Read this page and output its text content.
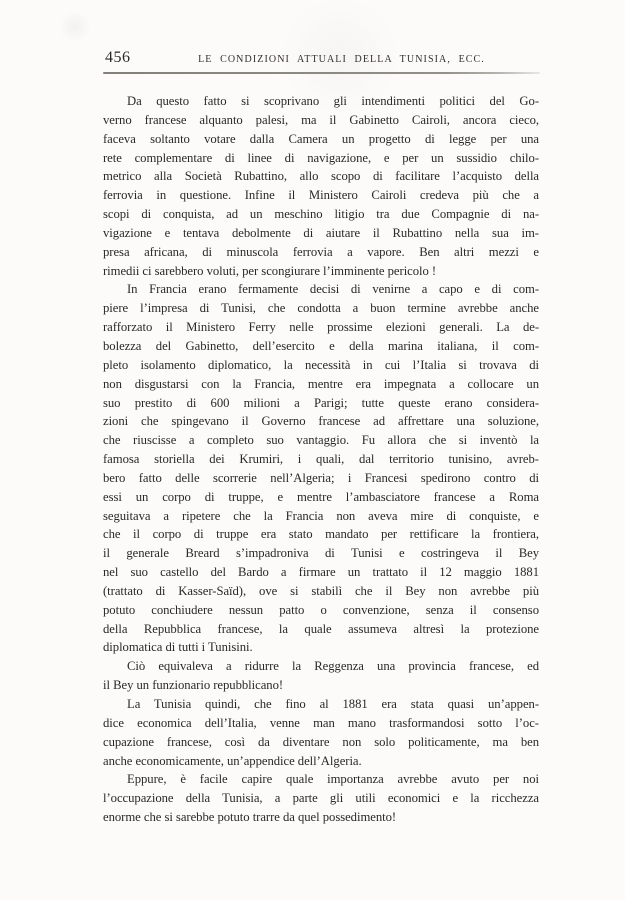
456	LE CONDIZIONI ATTUALI DELLA TUNISIA, ECC.

Da questo fatto si scoprivano gli intendimenti politici del Go-
verno francese alquanto palesi, ma il Gabinetto Cairoli, ancora cieco,
faceva soltanto votare dalla Camera un progetto di legge per una
rete complementare di linee di navigazione, e per un sussidio chilo-
metrico alla Società Rubattino, allo scopo di facilitare l’acquisto della
ferrovia in questione. Infine il Ministero Cairoli credeva più che a
scopi di conquista, ad un meschino litigio tra due Compagnie di na-
vigazione e tentava debolmente di aiutare il Rubattino nella sua im-
presa africana, di minuscola ferrovia a vapore. Ben altri mezzi e
rimedii ci sarebbero voluti, per scongiurare l’imminente pericolo !

In Francia erano fermamente decisi di venirne a capo e di com-
piere l’impresa di Tunisi, che condotta a buon termine avrebbe anche
rafforzato il Ministero Ferry nelle prossime elezioni generali. La de-
bolezza del Gabinetto, dell’esercito e della marina italiana, il com-
pleto isolamento diplomatico, la necessità in cui l’Italia si trovava di
non disgustarsi con la Francia, mentre era impegnata a collocare un
suo prestito di 600 milioni a Parigi; tutte queste erano considera-
zioni che spingevano il Governo francese ad affrettare una soluzione,
che riuscisse a completo suo vantaggio. Fu allora che si inventò la
famosa storiella dei Krumiri, i quali, dal territorio tunisino, avreb-
bero fatto delle scorrerie nell’Algeria; i Francesi spedirono contro di
essi un corpo di truppe, e mentre l’ambasciatore francese a Roma
seguitava a ripetere che la Francia non aveva mire di conquiste, e
che il corpo di truppe era stato mandato per rettificare la frontiera,
il generale Breard s’impadroniva di Tunisi e costringeva il Bey
nel suo castello del Bardo a firmare un trattato il 12 maggio 1881
(trattato di Kasser-Saïd), ove si stabilì che il Bey non avrebbe più
potuto conchiudere nessun patto o convenzione, senza il consenso
della Repubblica francese, la quale assumeva altresì la protezione
diplomatica di tutti i Tunisini.

Ciò equivaleva a ridurre la Reggenza una provincia francese, ed
il Bey un funzionario repubblicano!

La Tunisia quindi, che fino al 1881 era stata quasi un’appen-
dice economica dell’Italia, venne man mano trasformandosi sotto l’oc-
cupazione francese, così da diventare non solo politicamente, ma ben
anche economicamente, un’appendice dell’Algeria.

Eppure, è facile capire quale importanza avrebbe avuto per noi
l’occupazione della Tunisia, a parte gli utili economici e la ricchezza
enorme che si sarebbe potuto trarre da quel possedimento!
